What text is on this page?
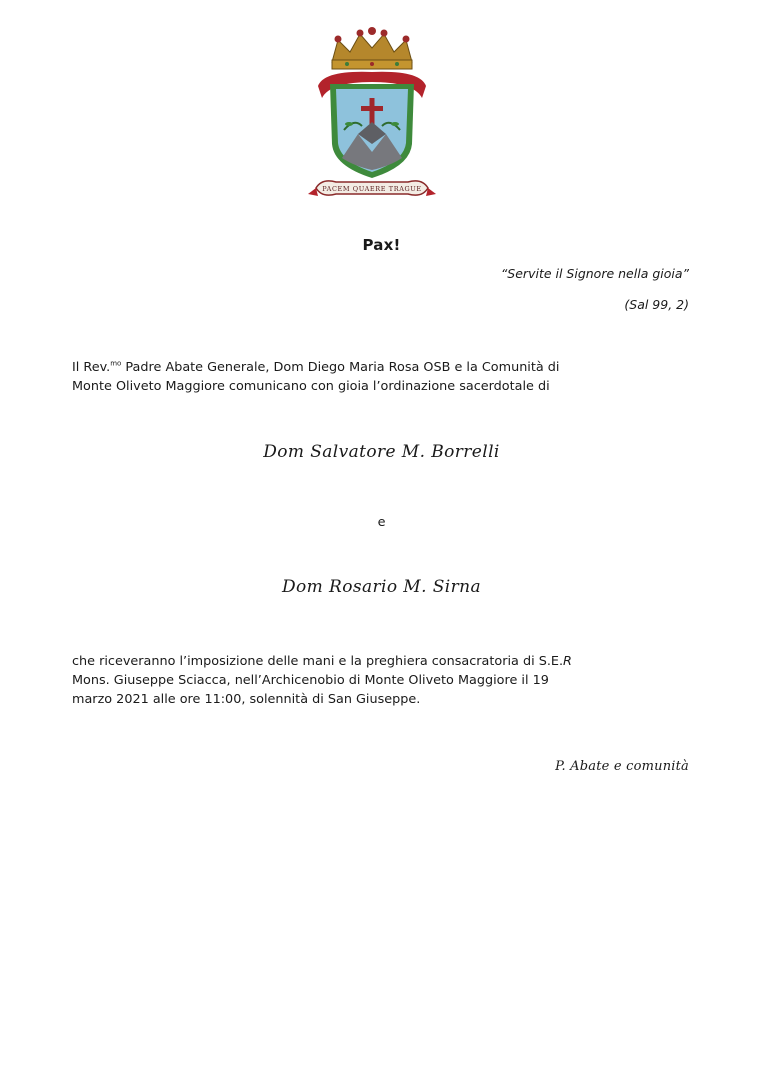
PACEM QUAERE TRAGUE
Pax!
“Servite il Signore nella gioia”
(Sal 99, 2)
Il Rev.$^{mo}$ Padre Abate Generale, Dom Diego Maria Rosa OSB e la Comunità di
Monte Oliveto Maggiore comunicano con gioia l’ordinazione sacerdotale di
Dom Salvatore M. Borrelli
e
Dom Rosario M. Sirna
che riceveranno l’imposizione delle mani e la preghiera consacratoria di S.E.R
Mons. Giuseppe Sciacca, nell’Archicenobio di Monte Oliveto Maggiore il 19
marzo 2021 alle ore 11:00, solennità di San Giuseppe.
P. Abate e comunità
